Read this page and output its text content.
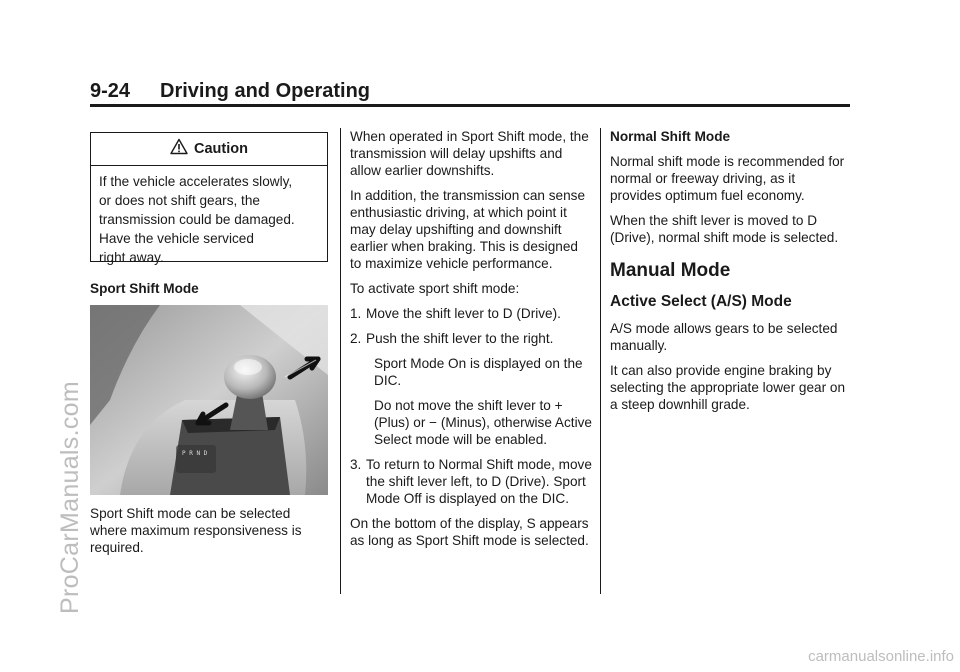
9-24 Driving and Operating
ProCarManuals.com
Caution
If the vehicle accelerates slowly,
or does not shift gears, the
transmission could be damaged.
Have the vehicle serviced
right away.
Sport Shift Mode
P R N D

Sport Shift mode can be selected where maximum responsiveness is required.

When operated in Sport Shift mode, the transmission will delay upshifts and allow earlier downshifts.

In addition, the transmission can sense enthusiastic driving, at which point it may delay upshifting and downshift earlier when braking. This is designed to maximize vehicle performance.

To activate sport shift mode:

1. Move the shift lever to D (Drive).
2. Push the shift lever to the right.

Sport Mode On is displayed on the DIC.

Do not move the shift lever to + (Plus) or − (Minus), otherwise Active Select mode will be enabled.

3. To return to Normal Shift mode, move the shift lever left, to D (Drive). Sport Mode Off is displayed on the DIC.

On the bottom of the display, S appears as long as Sport Shift mode is selected.

Normal Shift Mode

Normal shift mode is recommended for normal or freeway driving, as it provides optimum fuel economy.

When the shift lever is moved to D (Drive), normal shift mode is selected.

Manual Mode
Active Select (A/S) Mode

A/S mode allows gears to be selected manually.

It can also provide engine braking by selecting the appropriate lower gear on a steep downhill grade.

carmanualsonline.info
